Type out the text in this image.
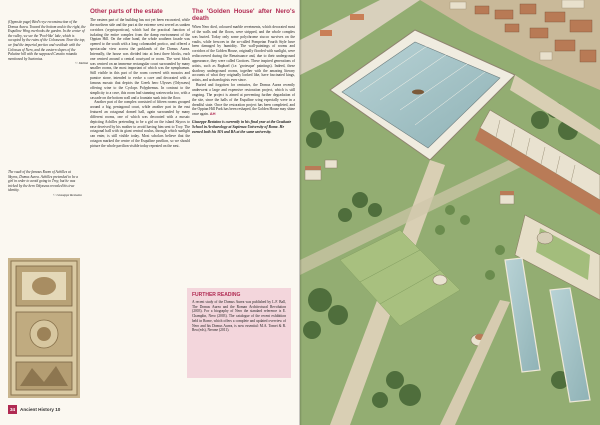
(Opposite page) Bird's-eye reconstruction of the Domus Aurea. Toward the bottom and to the right, the Esquiline Wing overlooks the garden. In the center of the valley, we see the 'Pool-like' lake, which is occupied by the ruins of the Colosseum. Near the top, we find the imperial portico and vestibule with the Colossus of Nero, and the eastern slopes of the Palatine hill with the supposed Cenatio rotunda mentioned by Suetonius.
© Inklink
The vault of the famous Room of Achilles at Skyros, Domus Aurea. Achilles pretended to be a girl in order to avoid going to Troy, but he was tricked by the hero Odysseus revealed his true identity.
© Giuseppe Restaino
Other parts of the estate

The eastern part of the building has not yet been excavated, while the northern side and the part at the extreme west served as sunken corridors (cryptoporticus), which had the practical function of isolating the entire complex from the damp environment of the Oppian Hill. On the other hand, the whole southern facade was opened to the south with a long colonnaded portico, and offered a spectacular view across the parklands of the Domus Aurea. Internally, the house was divided into at least three blocks, each one centred around a central courtyard or room. The west block was centred on an immense rectangular court surrounded by many smaller rooms, the most important of which was the nymphaeum. Still visible in this part of the room covered with mosaics and pumice stone, intended to evoke a cave and decorated with a famous mosaic that depicts the Greek hero Ulysses (Odysseus) offering wine to the Cyclops Polyphemus. In contrast to the simplicity to a cave, this room had stunning waterworks too, with a cascade on the bottom wall and a fountain sunk into the floor.

Another part of the complex consisted of fifteen rooms grouped around a big, pentagonal court, while another part in the east featured an octagonal domed hall, again surrounded by many different rooms, one of which was decorated with a mosaic depicting Achilles pretending to be a girl on the island Skyros to ease deceived by his mother to avoid having him sent to Troy. The octagonal hall with its giant central oculus, through which sunlight can enter, is still visible today. Most scholars believe that the octagon marked the centre of the Esquiline pavilion, so we should picture the whole pavilion visible today repeated on the east.

The 'Golden House' after Nero's death

When Nero died, coloured marble revetments, which decorated most of the walls and the floors, were stripped, and the whole complex was buried. Today only some polychrome stucco survives on the vaults, while frescoes in the so-called Pompeian Fourth Style have been damaged by humidity. The wall-paintings of rooms and corridors of the Golden House, originally flooded with sunlight, were rediscovered during the Renaissance and, due to their underground appearance, they were called Grottoes. These inspired generations of artists, such as Raphael (i.e. 'grotesque' paintings). Indeed, these shadowy underground rooms, together with the amazing literary accounts of what they originally looked like, have fascinated kings, artists, and archaeologists ever since.

Buried and forgotten for centuries, the Domus Aurea recently underwent a large and expensive restoration project, which is still ongoing. The project is aimed at preventing further degradation of the site, since the halls of the Esquiline wing especially were in a dreadful state. Once the restoration project has been completed, and the Oppian Hill Park has been reshaped, the Golden House may shine once again. AH

Giuseppe Restaino is currently in his final year at the Graduate School in Archaeology at Sapienza University of Rome. He earned both his MA and BA at the same university.
FURTHER READING
A recent study of the Domus Aurea was published by L.F. Ball, The Domus Aurea and the Roman Architectural Revolution (2003). For a biography of Nero the standard reference is E. Champlin, Nero (2003). The catalogue of the recent exhibition held in Rome, which offers a complete and updated overview of Nero and his Domus Aurea, is now essential: M.A. Tomei & R. Rea (eds), Nerone (2011).
34	Ancient History 10
